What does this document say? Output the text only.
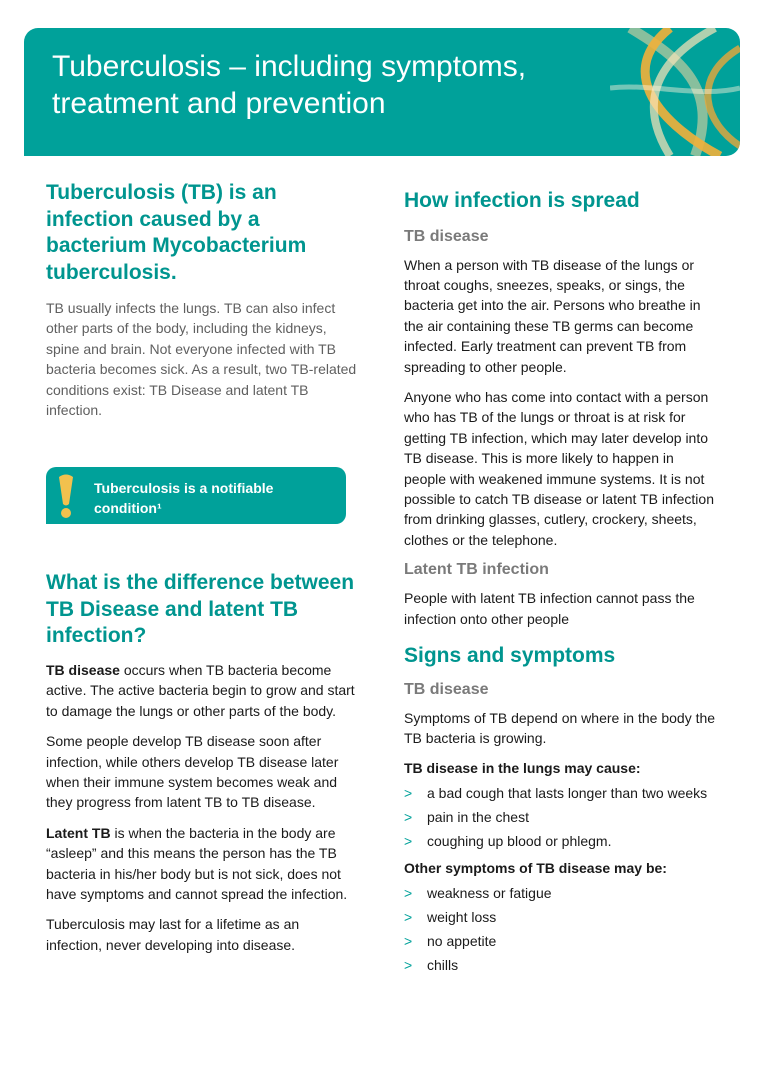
Tuberculosis – including symptoms, treatment and prevention
Tuberculosis (TB) is an infection caused by a bacterium Mycobacterium tuberculosis.

TB usually infects the lungs. TB can also infect other parts of the body, including the kidneys, spine and brain. Not everyone infected with TB bacteria becomes sick. As a result, two TB-related conditions exist: TB Disease and latent TB infection.

Tuberculosis is a notifiable condition¹
What is the difference between TB Disease and latent TB infection?

TB disease occurs when TB bacteria become active. The active bacteria begin to grow and start to damage the lungs or other parts of the body.

Some people develop TB disease soon after infection, while others develop TB disease later when their immune system becomes weak and they progress from latent TB to TB disease.

Latent TB is when the bacteria in the body are “asleep” and this means the person has the TB bacteria in his/her body but is not sick, does not have symptoms and cannot spread the infection.

Tuberculosis may last for a lifetime as an infection, never developing into disease.

How infection is spread
TB disease

When a person with TB disease of the lungs or throat coughs, sneezes, speaks, or sings, the bacteria get into the air. Persons who breathe in the air containing these TB germs can become infected. Early treatment can prevent TB from spreading to other people.

Anyone who has come into contact with a person who has TB of the lungs or throat is at risk for getting TB infection, which may later develop into TB disease. This is more likely to happen in people with weakened immune systems. It is not possible to catch TB disease or latent TB infection from drinking glasses, cutlery, crockery, sheets, clothes or the telephone.

Latent TB infection

People with latent TB infection cannot pass the infection onto other people

Signs and symptoms
TB disease

Symptoms of TB depend on where in the body the TB bacteria is growing.

TB disease in the lungs may cause:

> a bad cough that lasts longer than two weeks
> pain in the chest
> coughing up blood or phlegm.

Other symptoms of TB disease may be:

> weakness or fatigue
> weight loss
> no appetite
> chills
